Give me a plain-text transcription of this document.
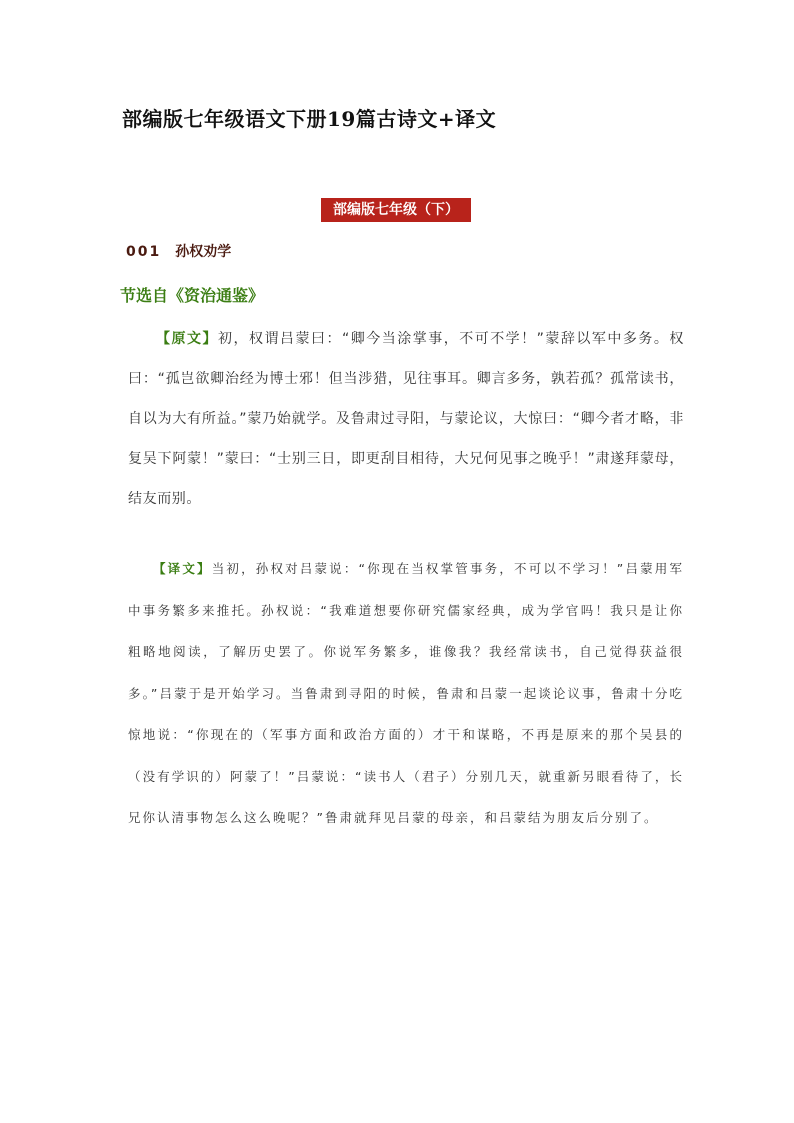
部编版七年级语文下册19篇古诗文+译文
部编版七年级（下）
001 孙权劝学
节选自《资治通鉴》

【原文】初，权谓吕蒙曰：“卿今当涂掌事，不可不学！”蒙辞以军中多务。权曰：“孤岂欲卿治经为博士邪！但当涉猎，见往事耳。卿言多务，孰若孤？孤常读书，自以为大有所益。”蒙乃始就学。及鲁肃过寻阳，与蒙论议，大惊曰：“卿今者才略，非复吴下阿蒙！”蒙曰：“士别三日，即更刮目相待，大兄何见事之晚乎！”肃遂拜蒙母，结友而别。

【译文】当初，孙权对吕蒙说：“你现在当权掌管事务，不可以不学习！”吕蒙用军中事务繁多来推托。孙权说：“我难道想要你研究儒家经典，成为学官吗！我只是让你粗略地阅读，了解历史罢了。你说军务繁多，谁像我？我经常读书，自己觉得获益很多。”吕蒙于是开始学习。当鲁肃到寻阳的时候，鲁肃和吕蒙一起谈论议事，鲁肃十分吃惊地说：“你现在的（军事方面和政治方面的）才干和谋略，不再是原来的那个吴县的（没有学识的）阿蒙了！”吕蒙说：“读书人（君子）分别几天，就重新另眼看待了，长兄你认清事物怎么这么晚呢？”鲁肃就拜见吕蒙的母亲，和吕蒙结为朋友后分别了。
